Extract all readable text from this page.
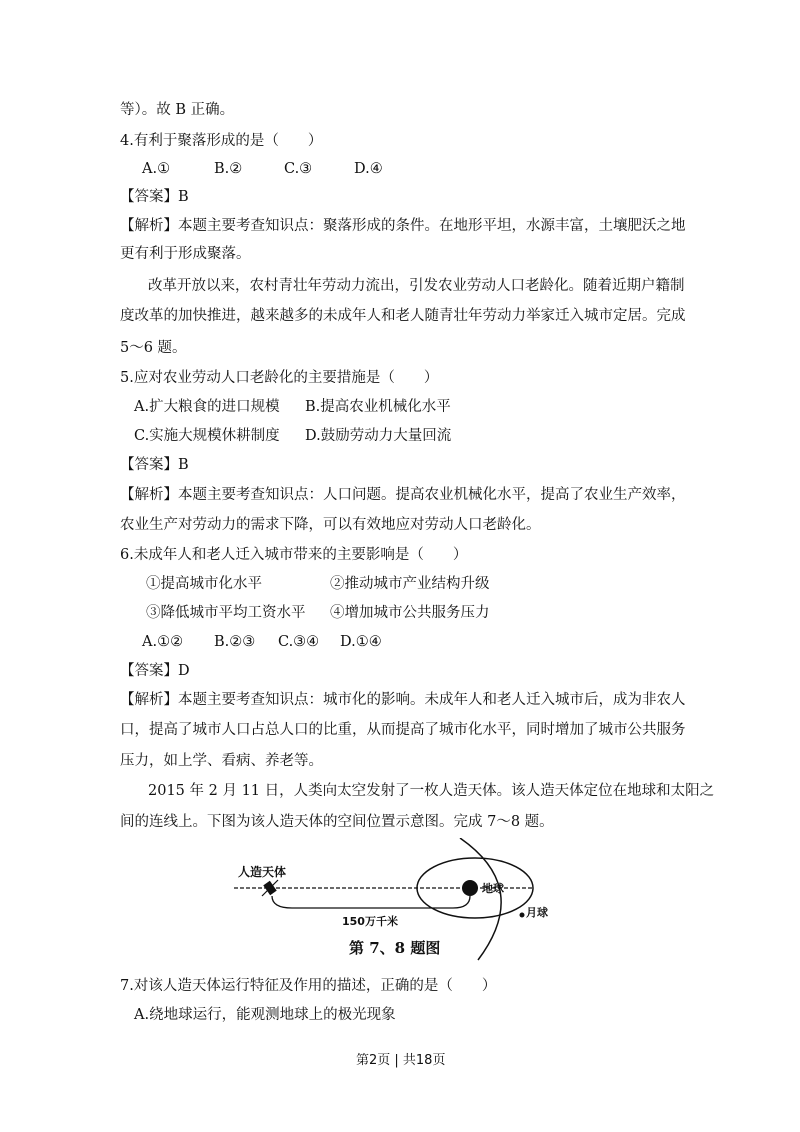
等）。故 B 正确。
4.有利于聚落形成的是（　　）
A.①	B.②	C.③	D.④
【答案】B
【解析】本题主要考查知识点：聚落形成的条件。在地形平坦，水源丰富，土壤肥沃之地
更有利于形成聚落。
改革开放以来，农村青壮年劳动力流出，引发农业劳动人口老龄化。随着近期户籍制
度改革的加快推进，越来越多的未成年人和老人随青壮年劳动力举家迁入城市定居。完成
5～6 题。
5.应对农业劳动人口老龄化的主要措施是（　　）
A.扩大粮食的进口规模 B.提高农业机械化水平
C.实施大规模休耕制度 D.鼓励劳动力大量回流
【答案】B
【解析】本题主要考查知识点：人口问题。提高农业机械化水平，提高了农业生产效率，
农业生产对劳动力的需求下降，可以有效地应对劳动人口老龄化。
6.未成年人和老人迁入城市带来的主要影响是（　　）
①提高城市化水平	②推动城市产业结构升级
③降低城市平均工资水平 ④增加城市公共服务压力
A.①② B.②③ C.③④ D.①④
【答案】D
【解析】本题主要考查知识点：城市化的影响。未成年人和老人迁入城市后，成为非农人
口，提高了城市人口占总人口的比重，从而提高了城市化水平，同时增加了城市公共服务
压力，如上学、看病、养老等。
2015 年 2 月 11 日，人类向太空发射了一枚人造天体。该人造天体定位在地球和太阳之
间的连线上。下图为该人造天体的空间位置示意图。完成 7～8 题。
人造天体
150万千米
地球
月球
第 7、8 题图
7.对该人造天体运行特征及作用的描述，正确的是（　　）
A.绕地球运行，能观测地球上的极光现象
第2页 | 共18页
